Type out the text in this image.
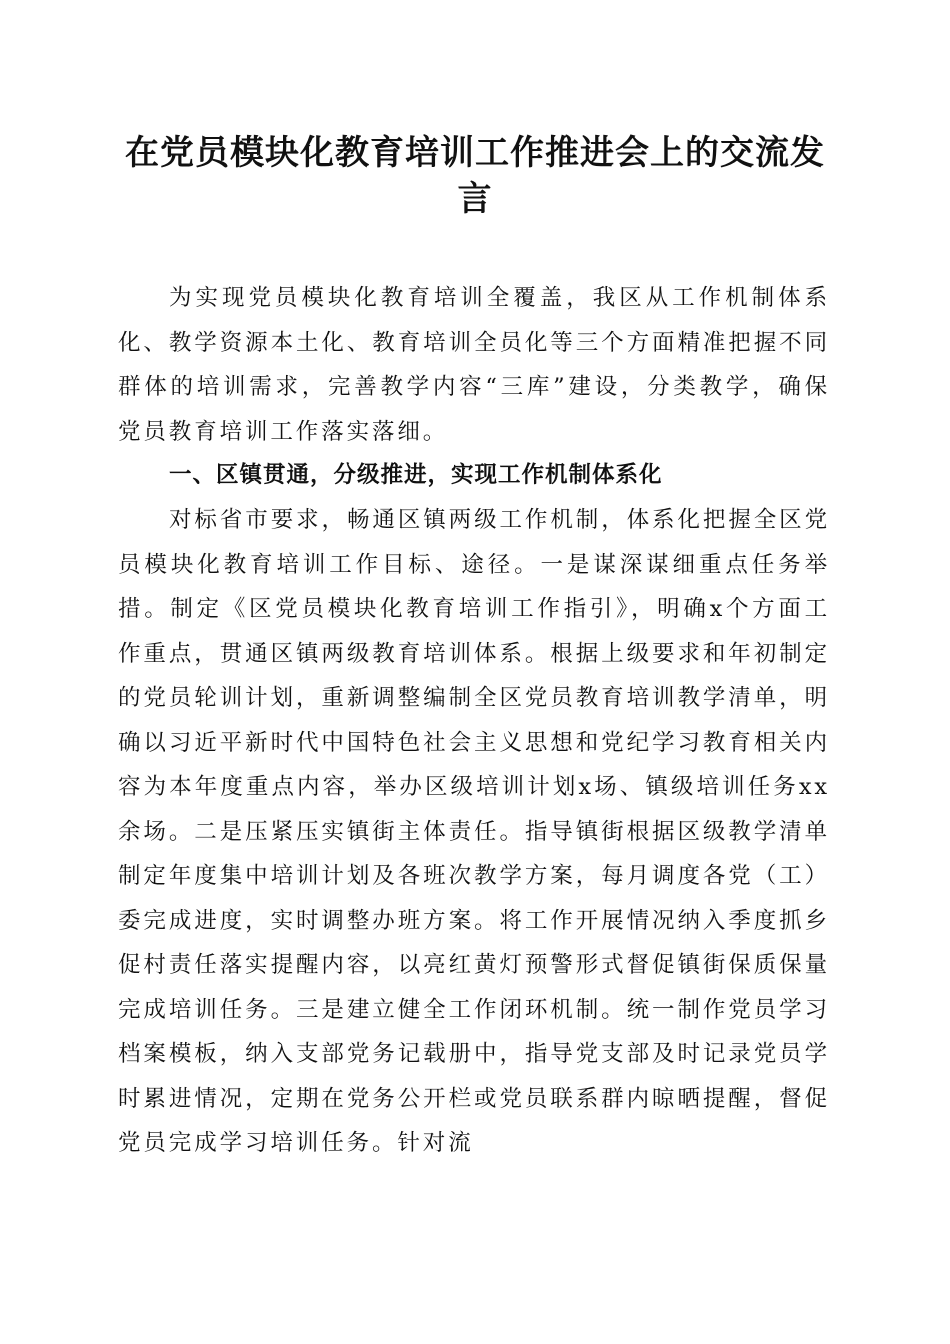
在党员模块化教育培训工作推进会上的交流发言

为实现党员模块化教育培训全覆盖，我区从工作机制体系化、教学资源本土化、教育培训全员化等三个方面精准把握不同群体的培训需求，完善教学内容“三库”建设，分类教学，确保党员教育培训工作落实落细。

一、区镇贯通，分级推进，实现工作机制体系化

对标省市要求，畅通区镇两级工作机制，体系化把握全区党员模块化教育培训工作目标、途径。一是谋深谋细重点任务举措。制定《区党员模块化教育培训工作指引》，明确x个方面工作重点，贯通区镇两级教育培训体系。根据上级要求和年初制定的党员轮训计划，重新调整编制全区党员教育培训教学清单，明确以习近平新时代中国特色社会主义思想和党纪学习教育相关内容为本年度重点内容，举办区级培训计划x场、镇级培训任务xx余场。二是压紧压实镇街主体责任。指导镇街根据区级教学清单制定年度集中培训计划及各班次教学方案，每月调度各党（工）委完成进度，实时调整办班方案。将工作开展情况纳入季度抓乡促村责任落实提醒内容，以亮红黄灯预警形式督促镇街保质保量完成培训任务。三是建立健全工作闭环机制。统一制作党员学习档案模板，纳入支部党务记载册中，指导党支部及时记录党员学时累进情况，定期在党务公开栏或党员联系群内晾晒提醒，督促党员完成学习培训任务。针对流
